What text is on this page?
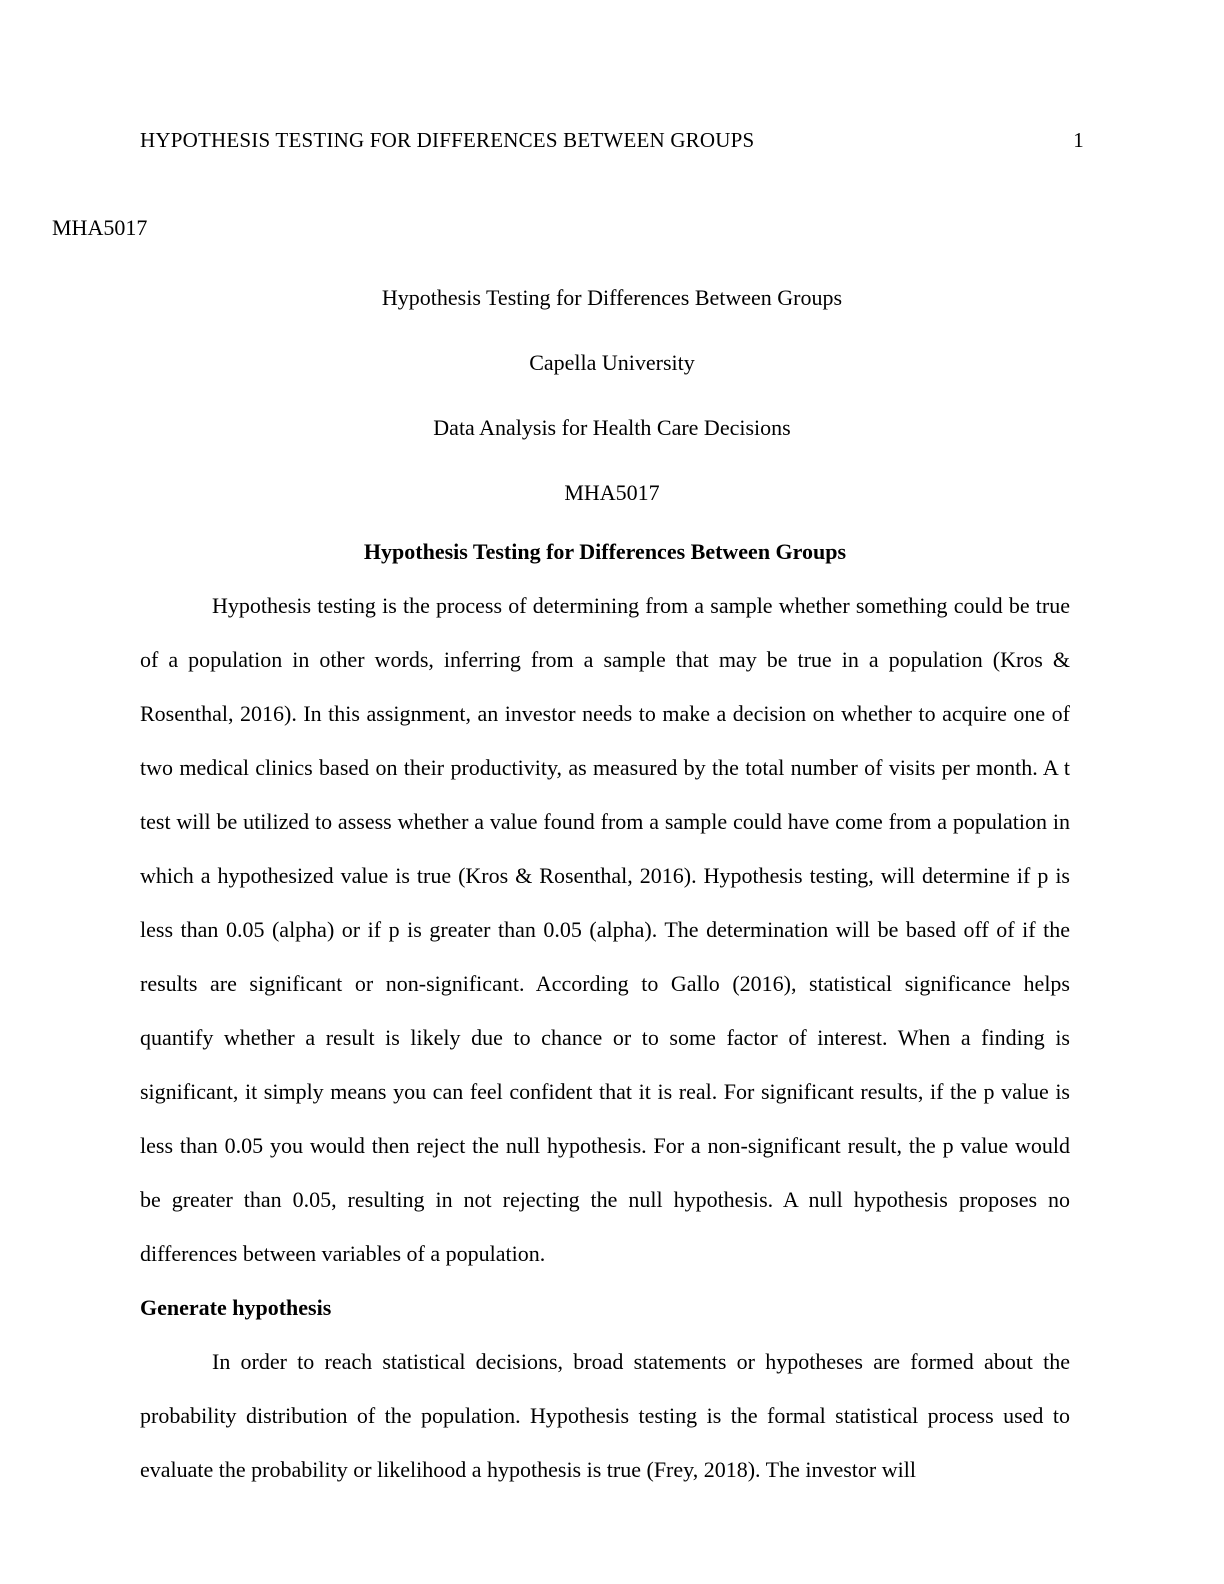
HYPOTHESIS TESTING FOR DIFFERENCES BETWEEN GROUPS	1
MHA5017
Hypothesis Testing for Differences Between Groups
Capella University
Data Analysis for Health Care Decisions
MHA5017
Hypothesis Testing for Differences Between Groups

Hypothesis testing is the process of determining from a sample whether something could be true of a population in other words, inferring from a sample that may be true in a population (Kros & Rosenthal, 2016). In this assignment, an investor needs to make a decision on whether to acquire one of two medical clinics based on their productivity, as measured by the total number of visits per month. A t test will be utilized to assess whether a value found from a sample could have come from a population in which a hypothesized value is true (Kros & Rosenthal, 2016). Hypothesis testing, will determine if p is less than 0.05 (alpha) or if p is greater than 0.05 (alpha). The determination will be based off of if the results are significant or non-significant. According to Gallo (2016), statistical significance helps quantify whether a result is likely due to chance or to some factor of interest. When a finding is significant, it simply means you can feel confident that it is real. For significant results, if the p value is less than 0.05 you would then reject the null hypothesis. For a non-significant result, the p value would be greater than 0.05, resulting in not rejecting the null hypothesis. A null hypothesis proposes no differences between variables of a population.

Generate hypothesis

In order to reach statistical decisions, broad statements or hypotheses are formed about the probability distribution of the population. Hypothesis testing is the formal statistical process used to evaluate the probability or likelihood a hypothesis is true (Frey, 2018). The investor will
